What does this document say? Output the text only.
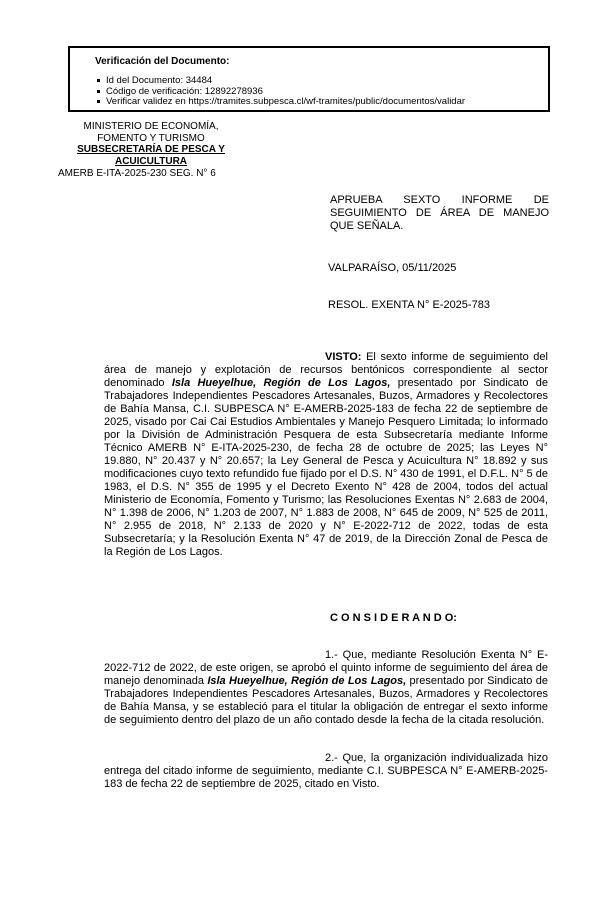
Verificación del Documento:
Id del Documento: 34484
Código de verificación: 12892278936
Verificar validez en https://tramites.subpesca.cl/wf-tramites/public/documentos/validar
MINISTERIO DE ECONOMÍA,
FOMENTO Y TURISMO
SUBSECRETARÍA DE PESCA Y
ACUICULTURA
AMERB E-ITA-2025-230 SEG. N° 6
APRUEBA SEXTO INFORME DE SEGUIMIENTO DE ÁREA DE MANEJO QUE SEÑALA.
VALPARAÍSO, 05/11/2025
RESOL. EXENTA N° E-2025-783
VISTO: El sexto informe de seguimiento del área de manejo y explotación de recursos bentónicos correspondiente al sector denominado Isla Hueyelhue, Región de Los Lagos, presentado por Sindicato de Trabajadores Independientes Pescadores Artesanales, Buzos, Armadores y Recolectores de Bahía Mansa, C.I. SUBPESCA N° E-AMERB-2025-183 de fecha 22 de septiembre de 2025, visado por Cai Cai Estudios Ambientales y Manejo Pesquero Limitada; lo informado por la División de Administración Pesquera de esta Subsecretaría mediante Informe Técnico AMERB N° E-ITA-2025-230, de fecha 28 de octubre de 2025; las Leyes N° 19.880, N° 20.437 y N° 20.657; la Ley General de Pesca y Acuicultura N° 18.892 y sus modificaciones cuyo texto refundido fue fijado por el D.S. N° 430 de 1991, el D.F.L. N° 5 de 1983, el D.S. N° 355 de 1995 y el Decreto Exento N° 428 de 2004, todos del actual Ministerio de Economía, Fomento y Turismo; las Resoluciones Exentas N° 2.683 de 2004, N° 1.398 de 2006, N° 1.203 de 2007, N° 1.883 de 2008, N° 645 de 2009, N° 525 de 2011, N° 2.955 de 2018, N° 2.133 de 2020 y N° E-2022-712 de 2022, todas de esta Subsecretaría; y la Resolución Exenta N° 47 de 2019, de la Dirección Zonal de Pesca de la Región de Los Lagos.
C O N S I D E R A N D O:
1.- Que, mediante Resolución Exenta N° E-2022-712 de 2022, de este origen, se aprobó el quinto informe de seguimiento del área de manejo denominada Isla Hueyelhue, Región de Los Lagos, presentado por Sindicato de Trabajadores Independientes Pescadores Artesanales, Buzos, Armadores y Recolectores de Bahía Mansa, y se estableció para el titular la obligación de entregar el sexto informe de seguimiento dentro del plazo de un año contado desde la fecha de la citada resolución.
2.- Que, la organización individualizada hizo entrega del citado informe de seguimiento, mediante C.I. SUBPESCA N° E-AMERB-2025-183 de fecha 22 de septiembre de 2025, citado en Visto.
